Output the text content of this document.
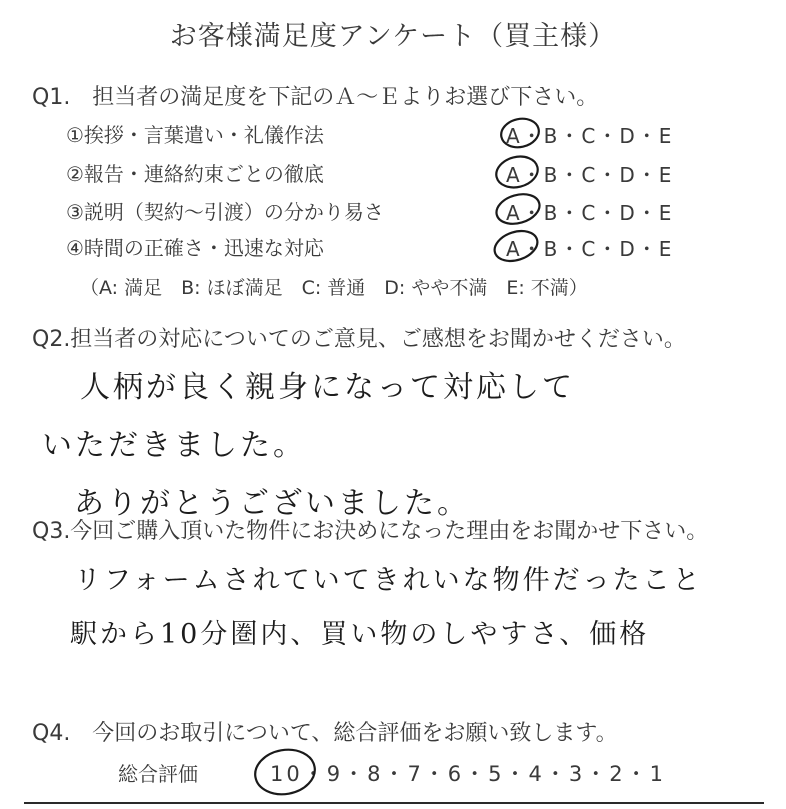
お客様満足度アンケート（買主様）
Q1.　担当者の満足度を下記のＡ～Ｅよりお選び下さい。
①挨拶・言葉遣い・礼儀作法	A・B・C・D・E
②報告・連絡約束ごとの徹底	A・B・C・D・E
③説明（契約～引渡）の分かり易さ	A・B・C・D・E
④時間の正確さ・迅速な対応	A・B・C・D・E
（A: 満足　B: ほぼ満足　C: 普通　D: やや不満　E: 不満）
Q2.担当者の対応についてのご意見、ご感想をお聞かせください。
人柄が良く親身になって対応して
いただきました。
ありがとうございました。
Q3.今回ご購入頂いた物件にお決めになった理由をお聞かせ下さい。
リフォームされていてきれいな物件だったこと
駅から10分圏内、買い物のしやすさ、価格
Q4.　今回のお取引について、総合評価をお願い致します。
総合評価	10・9・8・7・6・5・4・3・2・1
